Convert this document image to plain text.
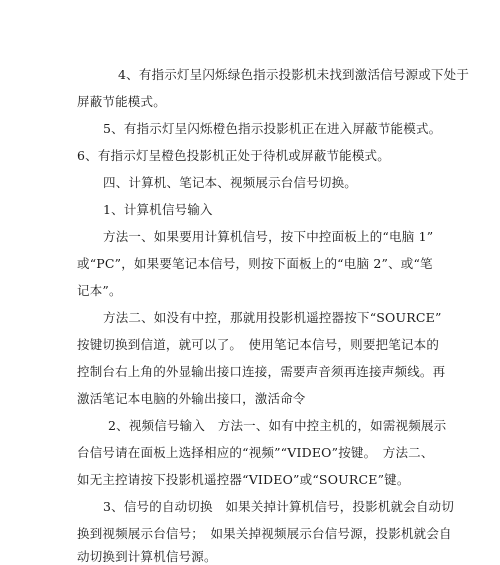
4、有指示灯呈闪烁绿色指示投影机未找到激活信号源或下处于
屏蔽节能模式。
5、有指示灯呈闪烁橙色指示投影机正在进入屏蔽节能模式。
6、有指示灯呈橙色投影机正处于待机或屏蔽节能模式。
四、计算机、笔记本、视频展示台信号切换。
1、计算机信号输入
方法一、如果要用计算机信号，按下中控面板上的“电脑 1”
或“PC”，如果要笔记本信号，则按下面板上的“电脑 2”、或“笔
记本”。
方法二、如没有中控，那就用投影机遥控器按下“SOURCE”
按键切换到信道，就可以了。　使用笔记本信号，则要把笔记本的
控制台右上角的外显输出接口连接，需要声音须再连接声频线。再
激活笔记本电脑的外输出接口，激活命令
2、视频信号输入　方法一、如有中控主机的，如需视频展示
台信号请在面板上选择相应的“视频”“VIDEO”按键。　方法二、
如无主控请按下投影机遥控器“VIDEO”或“SOURCE”键。
3、信号的自动切换　如果关掉计算机信号，投影机就会自动切
换到视频展示台信号；　如果关掉视频展示台信号源，投影机就会自
动切换到计算机信号源。
